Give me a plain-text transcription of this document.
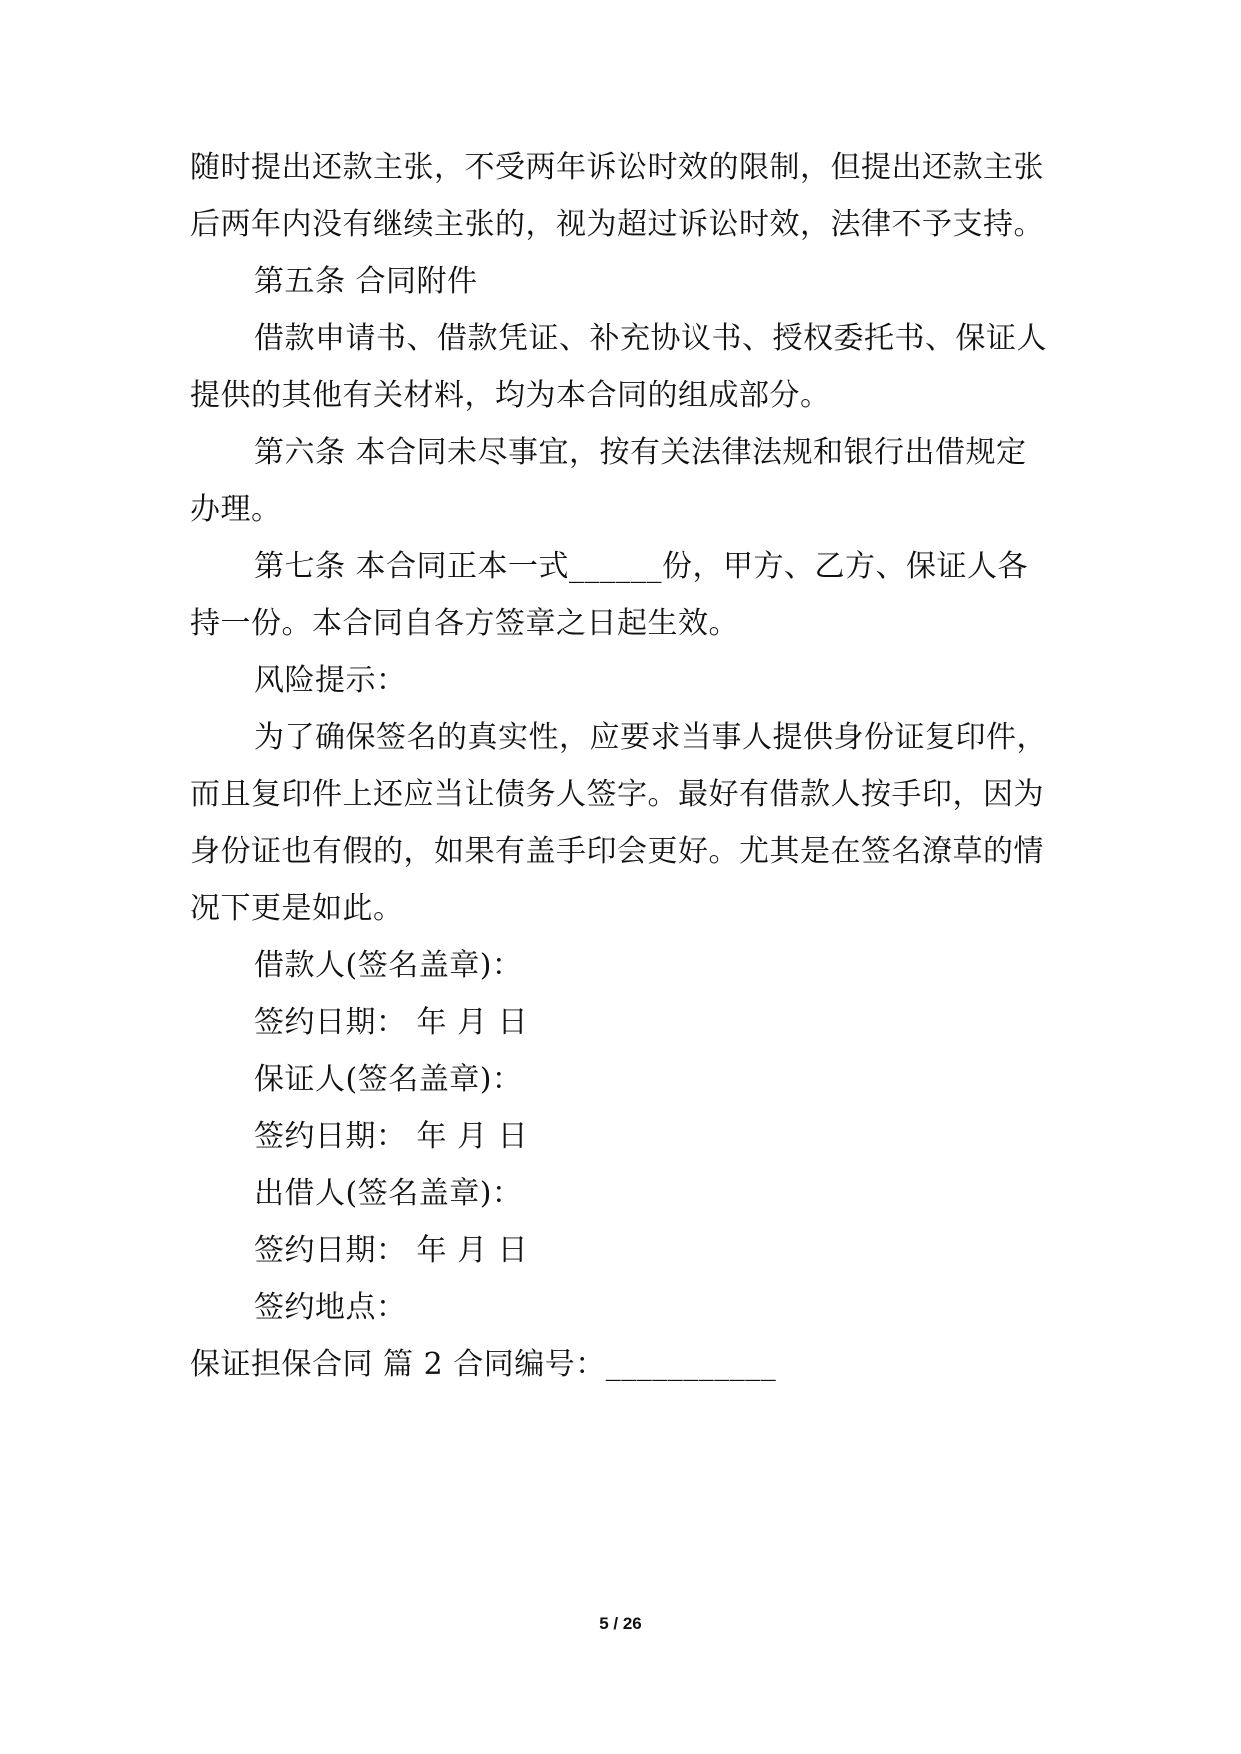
随时提出还款主张，不受两年诉讼时效的限制，但提出还款主张
后两年内没有继续主张的，视为超过诉讼时效，法律不予支持。
第五条 合同附件
借款申请书、借款凭证、补充协议书、授权委托书、保证人
提供的其他有关材料，均为本合同的组成部分。
第六条 本合同未尽事宜，按有关法律法规和银行出借规定
办理。
第七条 本合同正本一式______份，甲方、乙方、保证人各
持一份。本合同自各方签章之日起生效。
风险提示：
为了确保签名的真实性，应要求当事人提供身份证复印件，
而且复印件上还应当让债务人签字。最好有借款人按手印，因为
身份证也有假的，如果有盖手印会更好。尤其是在签名潦草的情
况下更是如此。
借款人(签名盖章)：
签约日期： 年 月 日
保证人(签名盖章)：
签约日期： 年 月 日
出借人(签名盖章)：
签约日期： 年 月 日
签约地点：
保证担保合同 篇 2 合同编号：___________
5 / 26
